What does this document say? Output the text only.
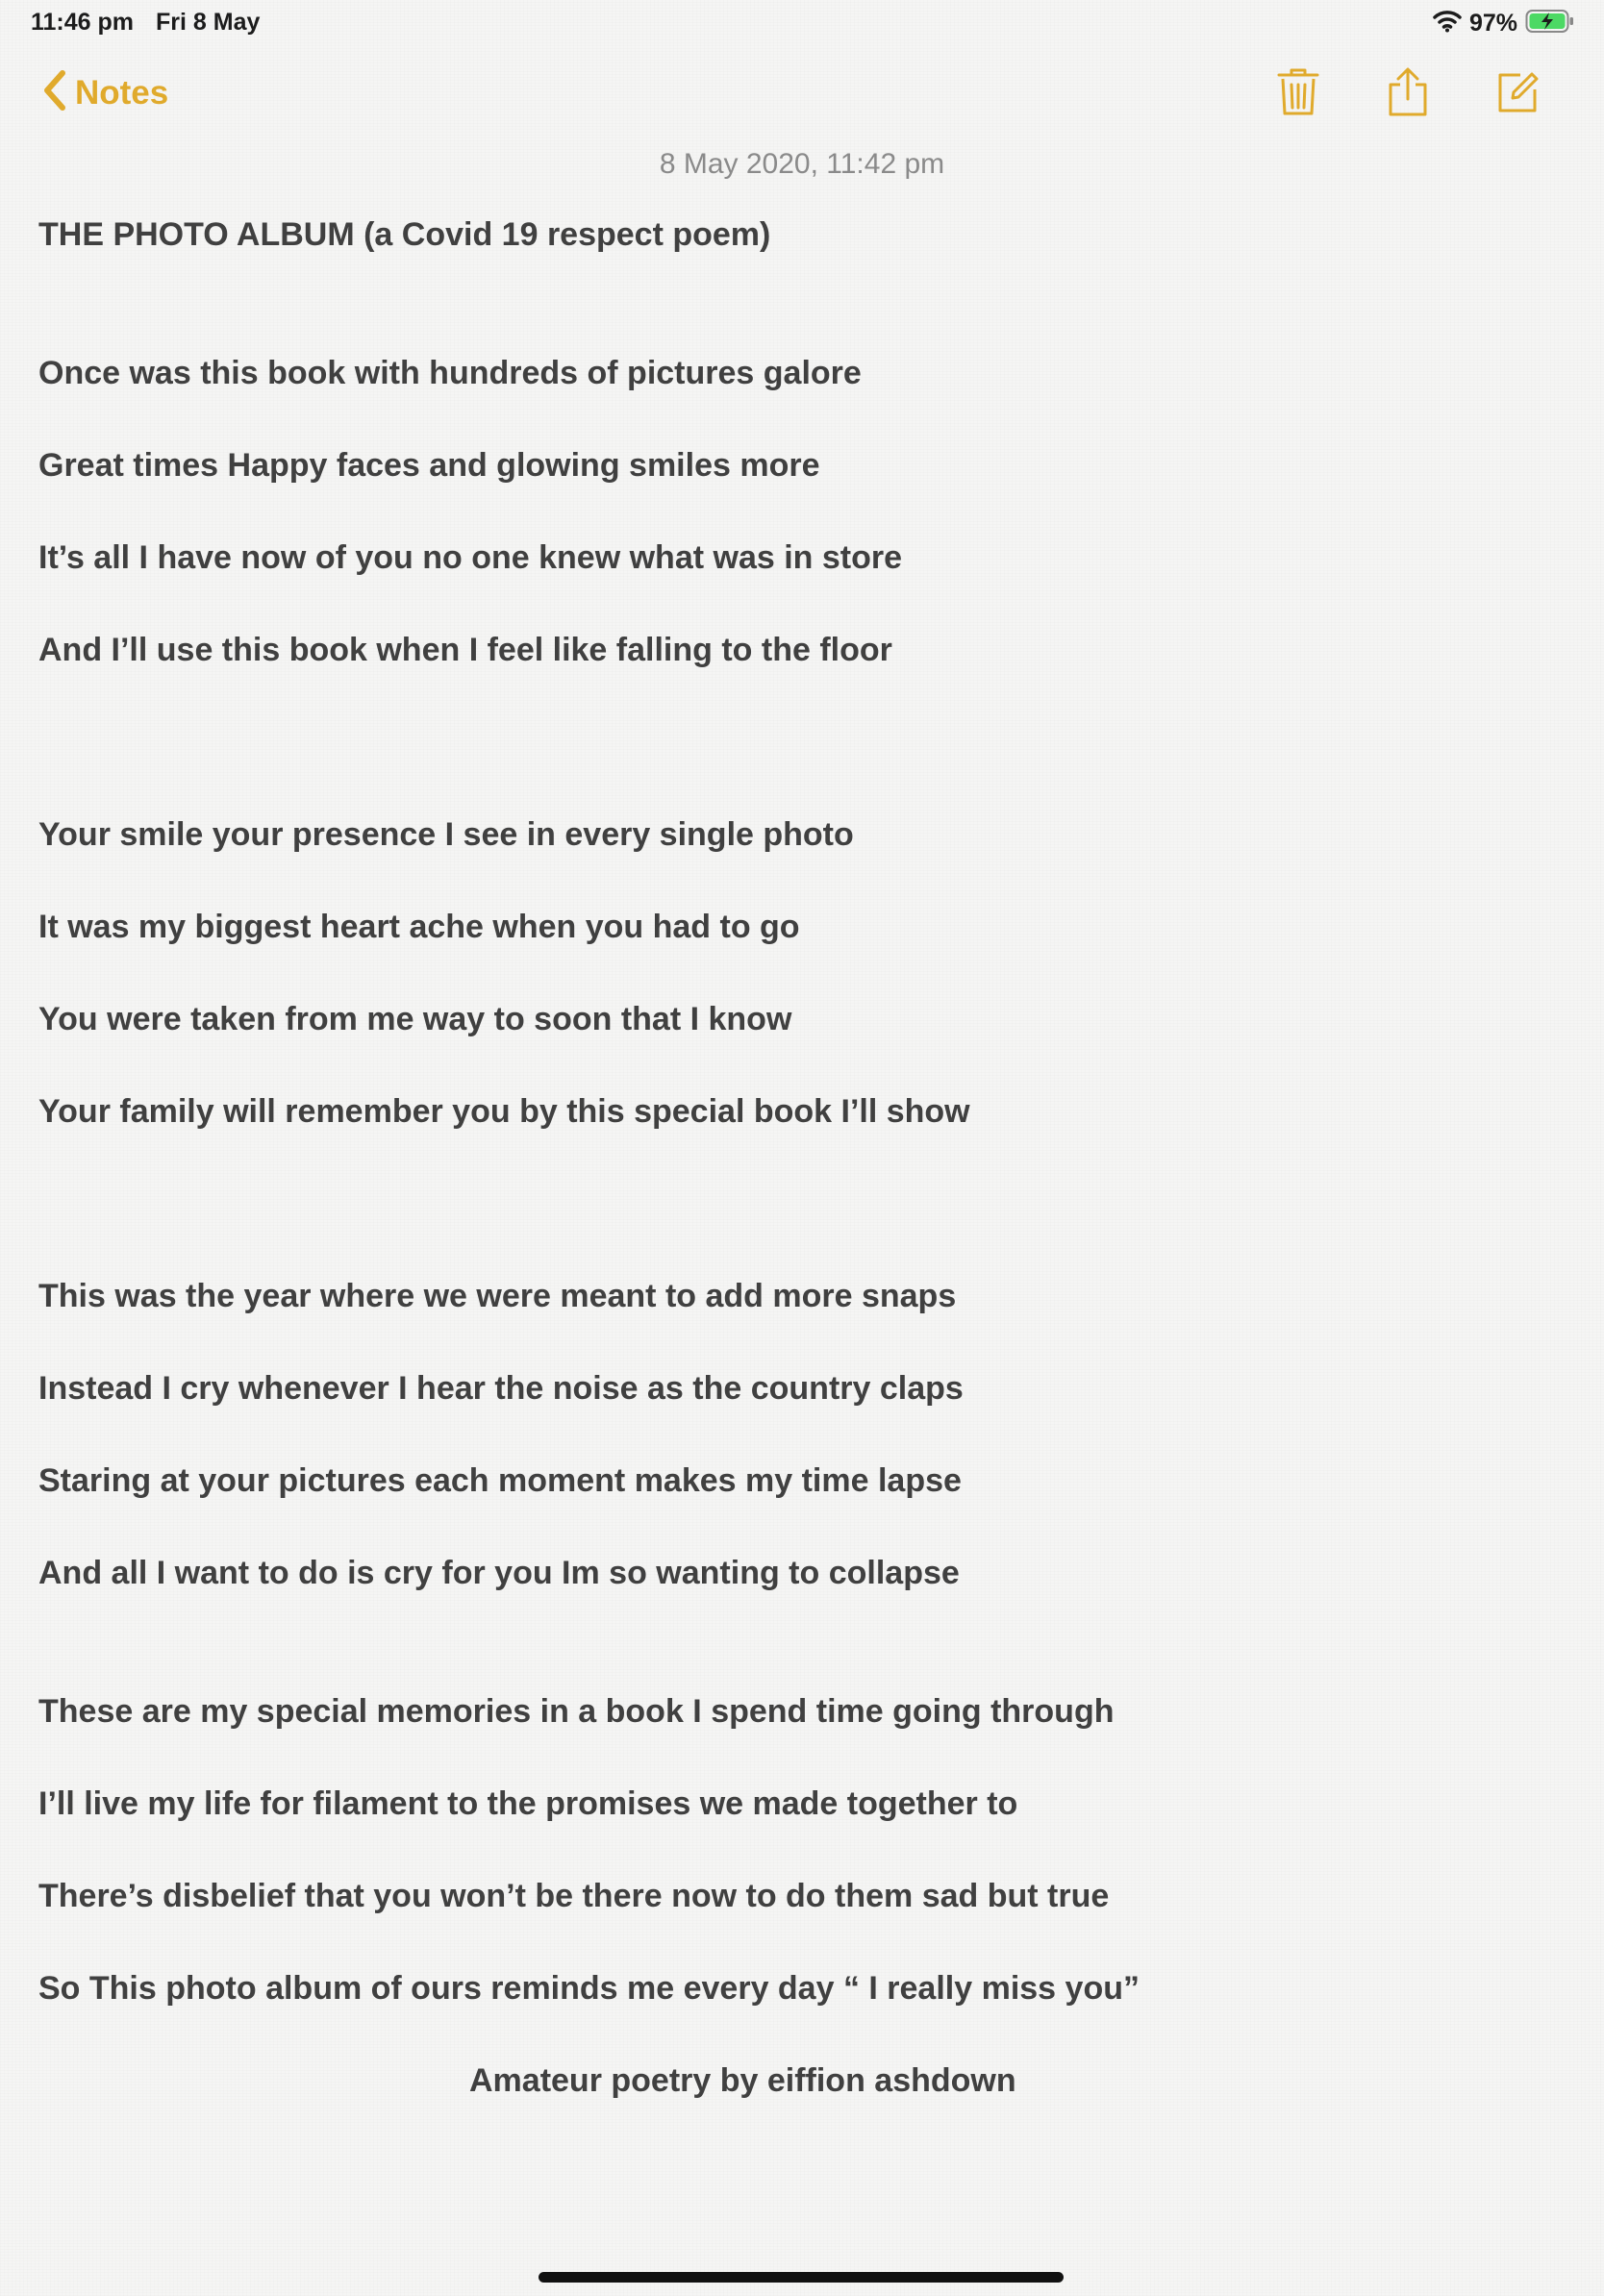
11:46 pm Fri 8 May	97%
Notes
8 May 2020, 11:42 pm
THE PHOTO ALBUM (a Covid 19 respect poem)
Once was this book with hundreds of pictures galore
Great times Happy faces and glowing smiles more
It’s all I have now of you no one knew what was in store
And I’ll use this book when I feel like falling to the floor
Your smile your presence I see in every single photo
It was my biggest heart ache when you had to go
You were taken from me way to soon that I know
Your family will remember you by this special book I’ll show
This was the year where we were meant to add more snaps
Instead I cry whenever I hear the noise as the country claps
Staring at your pictures each moment makes my time lapse
And all I want to do is cry for you Im so wanting to collapse
These are my special memories in a book I spend time going through
I’ll live my life for filament to the promises we made together to
There’s disbelief that you won’t be there now to do them sad but true
So This photo album of ours reminds me every day “ I really miss you”
Amateur poetry by eiffion ashdown
